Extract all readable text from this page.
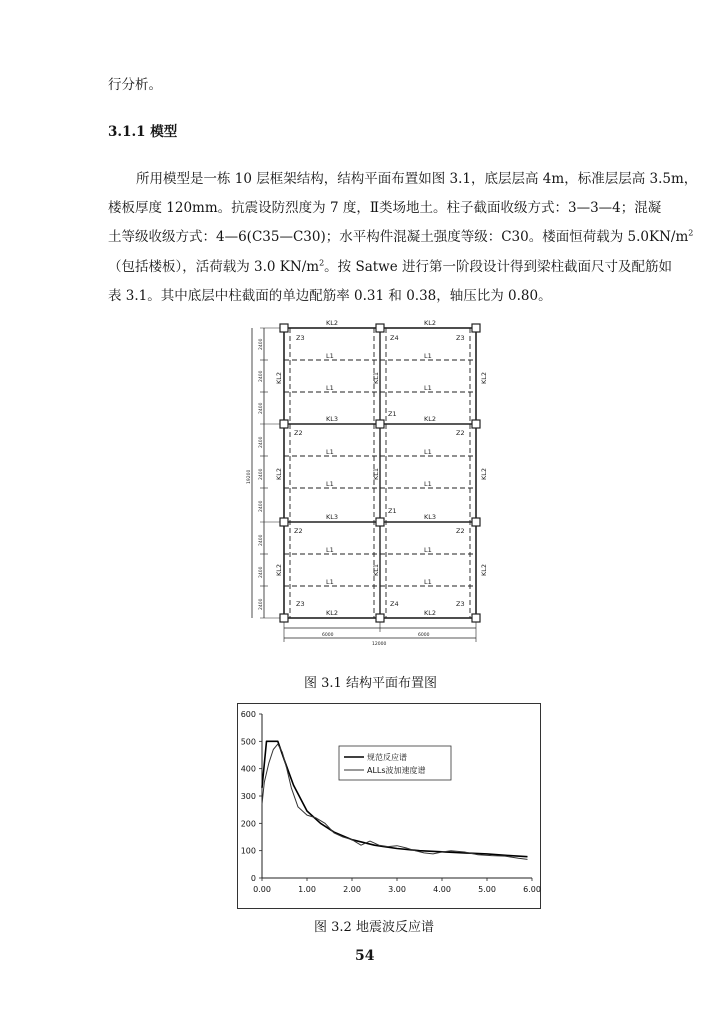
行分析。
3.1.1 模型
所用模型是一栋 10 层框架结构，结构平面布置如图 3.1，底层层高 4m，标准层层高 3.5m，
楼板厚度 120mm。抗震设防烈度为 7 度，Ⅱ类场地土。柱子截面收级方式：3—3—4；混凝
土等级收级方式：4—6(C35—C30)；水平构件混凝土强度等级：C30。楼面恒荷载为 $5.0KN/m^2$
（包括楼板），活荷载为 3.0 $KN/m^2$。按 Satwe 进行第一阶段设计得到梁柱截面尺寸及配筋如
表 3.1。其中底层中柱截面的单边配筋率 0.31 和 0.38，轴压比为 0.80。
KL2	KL2
Z3	Z4	Z3
L1	L1
L1	L1
KL3
Z1
KL2
Z2	Z2
L1	L1
L1	L1
KL3
Z1
KL3
Z2	Z2
L1	L1
L1	L1
Z3	Z4	Z3
KL2	KL2
KL2
KL2
KL2
KL1
KL1
KL1
KL2
KL2
KL2
6000	6000
12000
2400
2400
2400
2400
2400
2400
2400
2400
2400
19200
图 3.1 结构平面布置图
0
100
200
300
400
500
600
0.00	1.00	2.00	3.00	4.00	5.00	6.00
规范反应谱
ALLs波加速度谱
图 3.2 地震波反应谱
54
